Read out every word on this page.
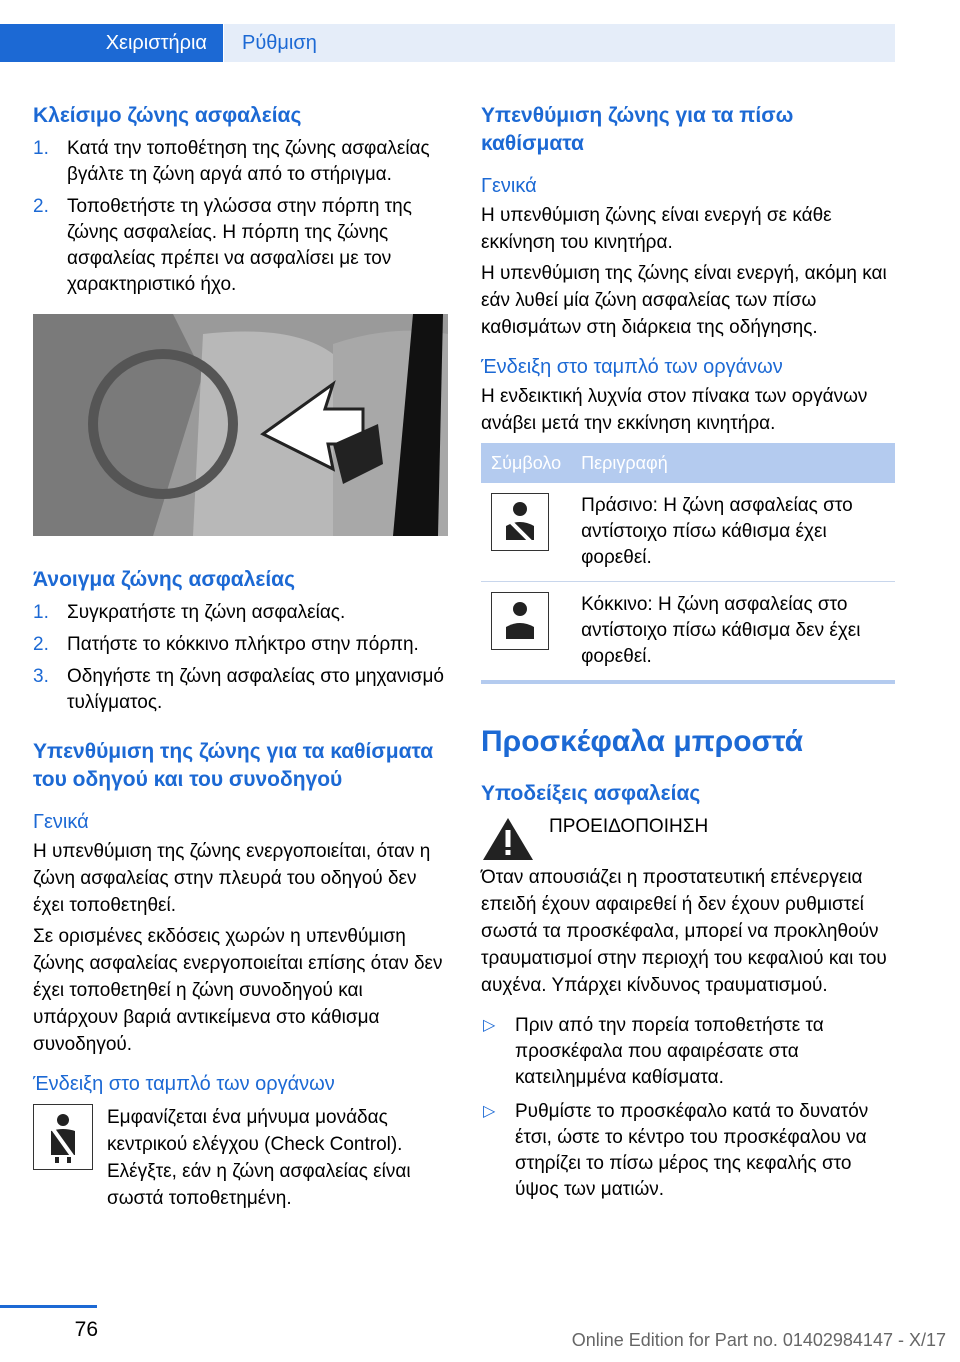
Χειριστήρια	Ρύθμιση
Κλείσιμο ζώνης ασφαλείας
1. Κατά την τοποθέτηση της ζώνης ασφαλείας βγάλτε τη ζώνη αργά από το στήριγμα.
2. Τοποθετήστε τη γλώσσα στην πόρπη της ζώνης ασφαλείας. Η πόρπη της ζώνης ασφαλείας πρέπει να ασφαλίσει με τον χαρακτηριστικό ήχο.
Άνοιγμα ζώνης ασφαλείας
1. Συγκρατήστε τη ζώνη ασφαλείας.
2. Πατήστε το κόκκινο πλήκτρο στην πόρπη.
3. Οδηγήστε τη ζώνη ασφαλείας στο μηχανισμό τυλίγματος.
Υπενθύμιση της ζώνης για τα καθίσματα του οδηγού και του συνοδηγού
Γενικά

Η υπενθύμιση της ζώνης ενεργοποιείται, όταν η ζώνη ασφαλείας στην πλευρά του οδηγού δεν έχει τοποθετηθεί.

Σε ορισμένες εκδόσεις χωρών η υπενθύμιση ζώνης ασφαλείας ενεργοποιείται επίσης όταν δεν έχει τοποθετηθεί η ζώνη συνοδηγού και υπάρχουν βαριά αντικείμενα στο κάθισμα συνοδηγού.

Ένδειξη στο ταμπλό των οργάνων

Εμφανίζεται ένα μήνυμα μονάδας κεντρικού ελέγχου (Check Control). Ελέγξτε, εάν η ζώνη ασφαλείας είναι σωστά τοποθετημένη.

Υπενθύμιση ζώνης για τα πίσω καθίσματα
Γενικά

Η υπενθύμιση ζώνης είναι ενεργή σε κάθε εκκίνηση του κινητήρα.

Η υπενθύμιση της ζώνης είναι ενεργή, ακόμη και εάν λυθεί μία ζώνη ασφαλείας των πίσω καθισμάτων στη διάρκεια της οδήγησης.

Ένδειξη στο ταμπλό των οργάνων

Η ενδεικτική λυχνία στον πίνακα των οργάνων ανάβει μετά την εκκίνηση κινητήρα.

Σύμβολο	Περιγραφή

	Πράσινο: Η ζώνη ασφαλείας στο αντίστοιχο πίσω κάθισμα έχει φορεθεί.

	Κόκκινο: Η ζώνη ασφαλείας στο αντίστοιχο πίσω κάθισμα δεν έχει φορεθεί.
Προσκέφαλα μπροστά
Υποδείξεις ασφαλείας
ΠΡΟΕΙΔΟΠΟΙΗΣΗ

Όταν απουσιάζει η προστατευτική επένεργεια επειδή έχουν αφαιρεθεί ή δεν έχουν ρυθμιστεί σωστά τα προσκέφαλα, μπορεί να προκληθούν τραυματισμοί στην περιοχή του κεφαλιού και του αυχένα. Υπάρχει κίνδυνος τραυματισμού.

▷ Πριν από την πορεία τοποθετήστε τα προσκέφαλα που αφαιρέσατε στα κατειλημμένα καθίσματα.
▷ Ρυθμίστε το προσκέφαλο κατά το δυνατόν έτσι, ώστε το κέντρο του προσκέφαλου να στηρίζει το πίσω μέρος της κεφαλής στο ύψος των ματιών.
76	Online Edition for Part no. 01402984147 - X/17
